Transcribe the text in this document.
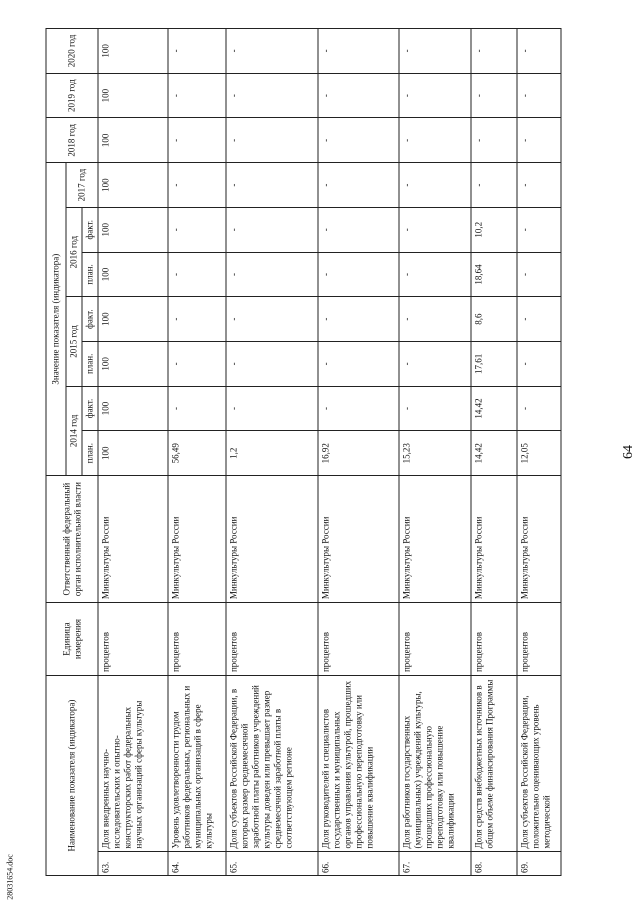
64
28031654.doc
Наименование показателя (индикатора)		Единица измерения	Ответственный федеральный орган исполнительной власти	Значение показателя (индикатора)							2018 год	2019 год	2020 год
				2014 год		2015 год		2016 год		2017 год			
				план.	факт.	план.	факт.	план.	факт.				
63.	Доля внедренных научно-исследовательских и опытно-конструкторских работ федеральных научных организаций сферы культуры	процентов	Минкультуры России	100	100	100	100	100	100	100	100	100	100
64.	Уровень удовлетворенности трудом работников федеральных, региональных и муниципальных организаций в сфере культуры	процентов	Минкультуры России	56,49	-	-	-	-	-	-	-	-	-
65.	Доля субъектов Российской Федерации, в которых размер среднемесячной заработной платы работников учреждений культуры доведен или превышает размер среднемесячной заработной платы в соответствующем регионе	процентов	Минкультуры России	1,2	-	-	-	-	-	-	-	-	-
66.	Доля руководителей и специалистов государственных и муниципальных органов управления культурой, прошедших профессиональную переподготовку или повышение квалификации	процентов	Минкультуры России	16,92	-	-	-	-	-	-	-	-	-
67.	Доля работников государственных (муниципальных) учреждений культуры, прошедших профессиональную переподготовку или повышение квалификации	процентов	Минкультуры России	15,23	-	-	-	-	-	-	-	-	-
68.	Доля средств внебюджетных источников в общем объеме финансирования Программы	процентов	Минкультуры России	14,42	14,42	17,61	8,6	18,64	10,2	-	-	-	-
69.	Доля субъектов Российской Федерации, положительно оценивающих уровень методической	процентов	Минкультуры России	12,05	-	-	-	-	-	-	-	-	-
